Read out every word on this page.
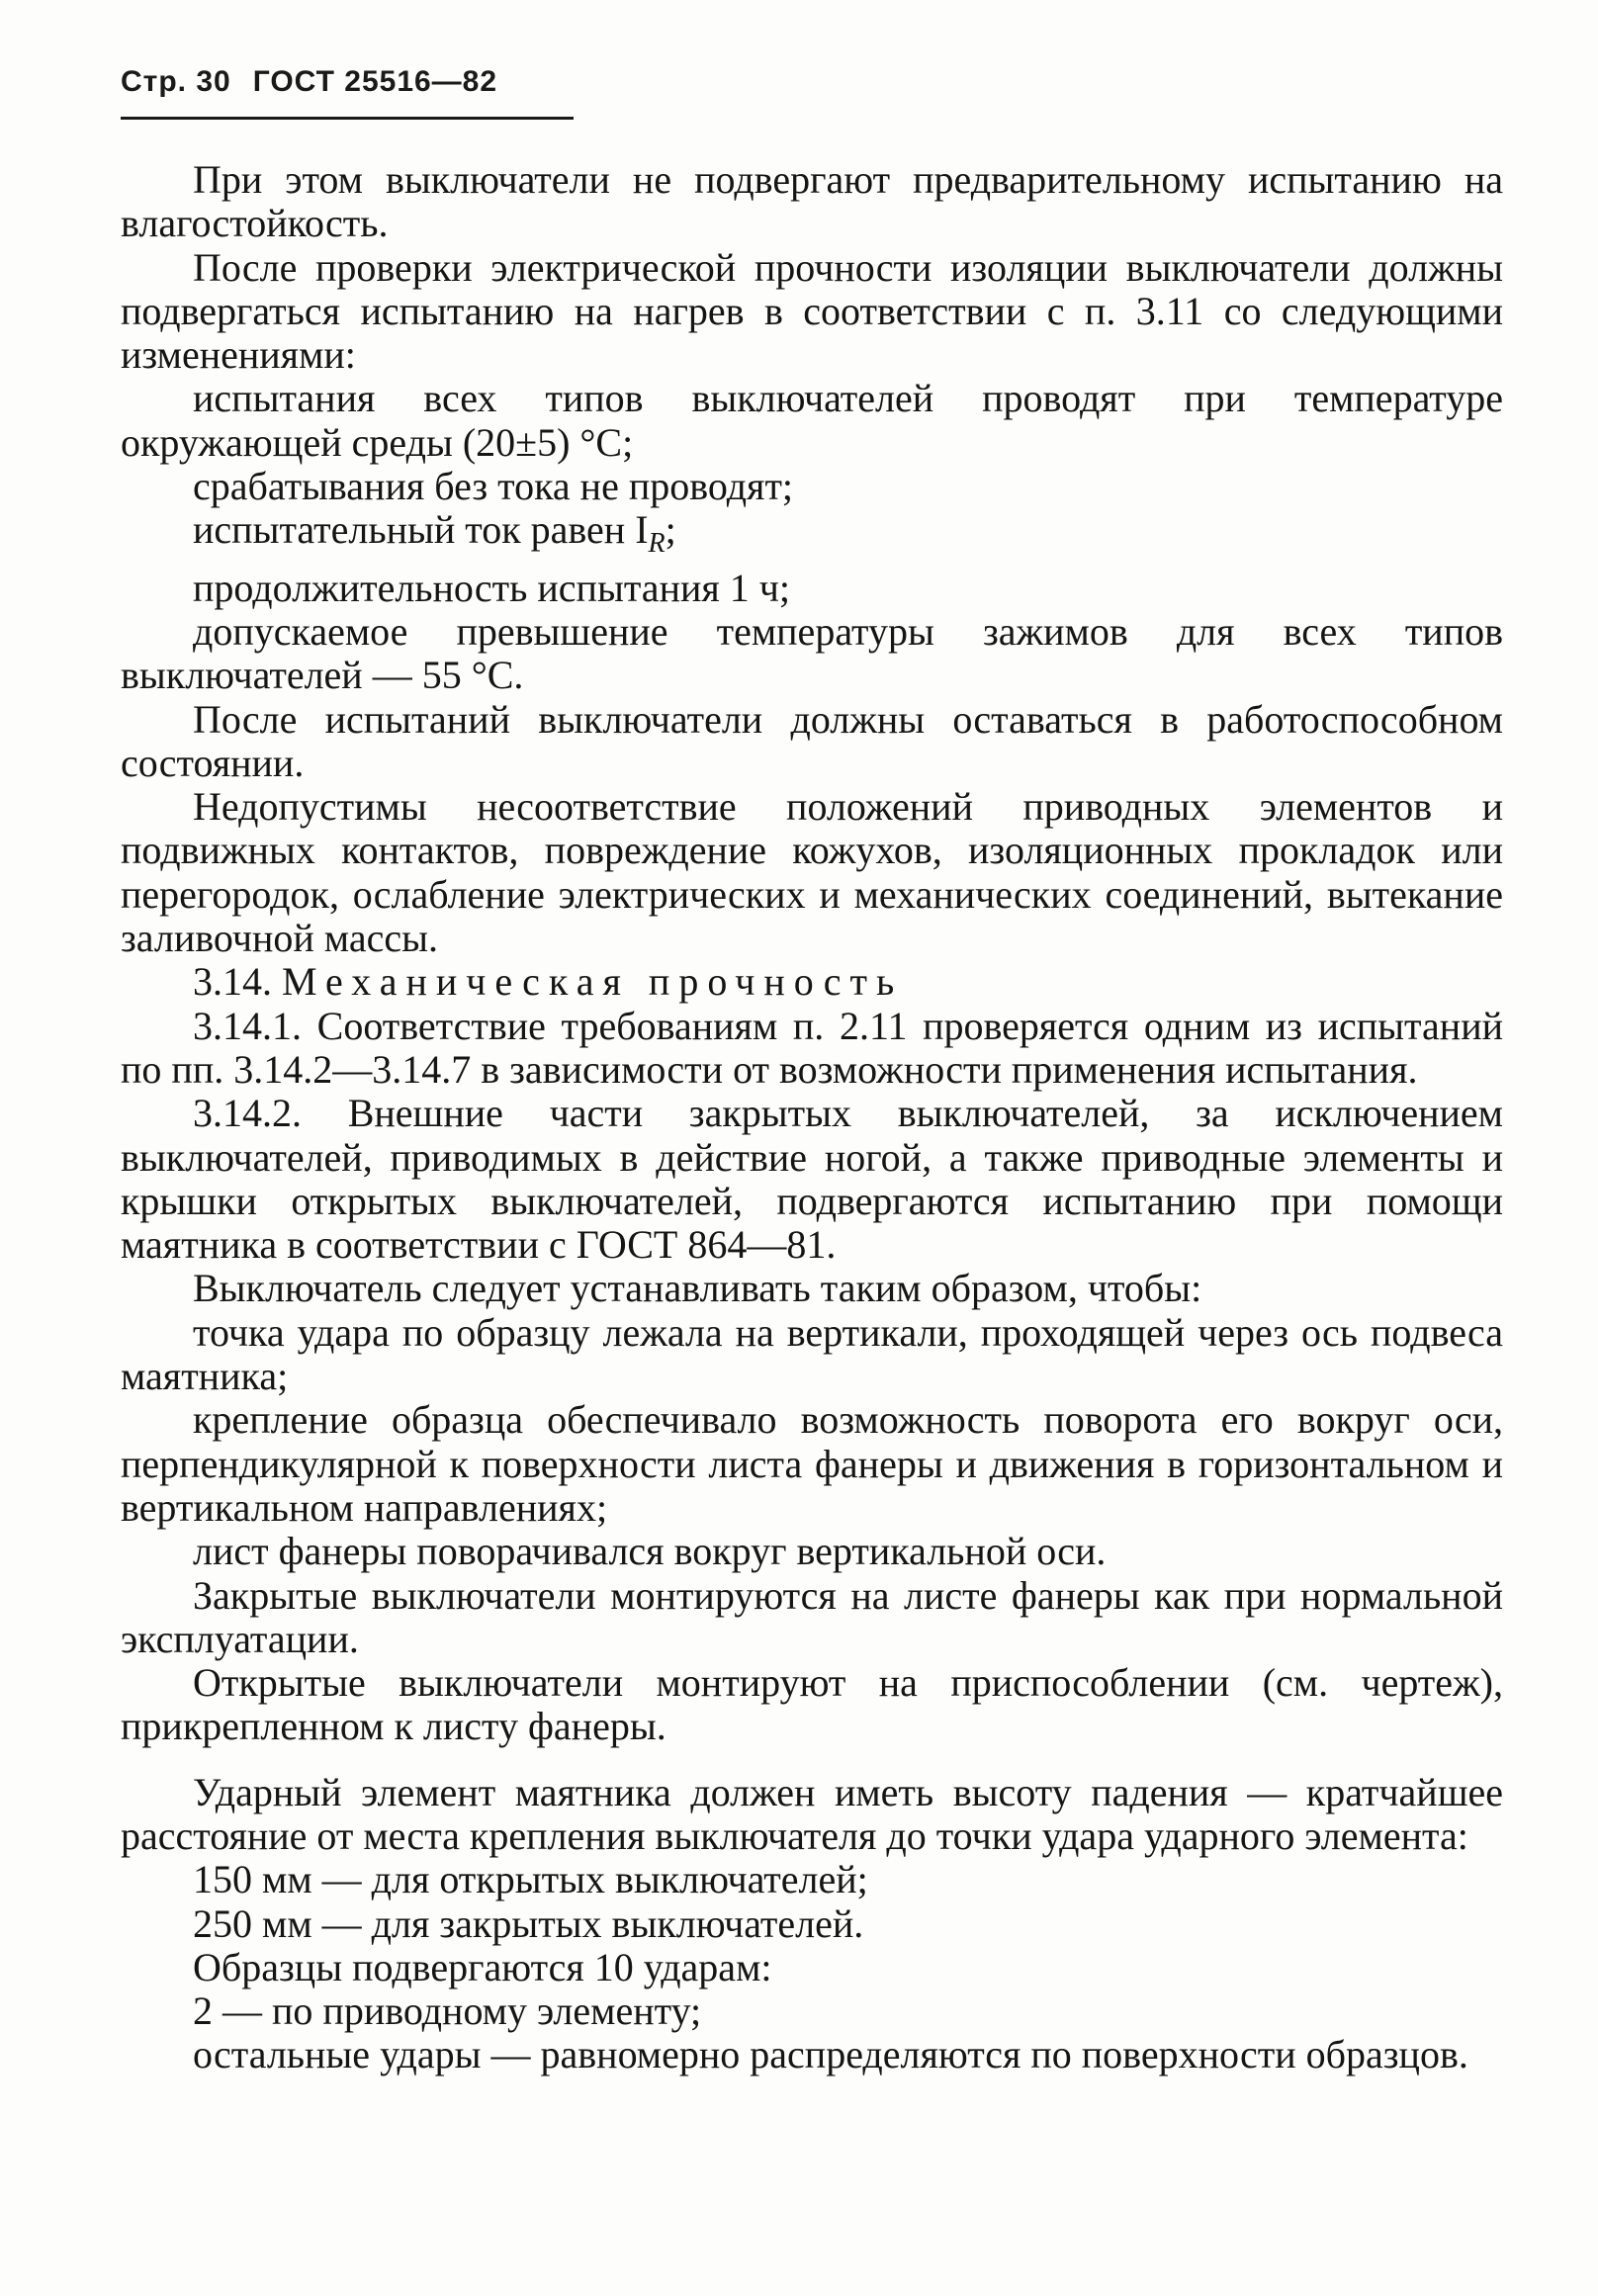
Стр. 30 ГОСТ 25516—82

При этом выключатели не подвергают предварительному испытанию на влагостойкость.

После проверки электрической прочности изоляции выключатели должны подвергаться испытанию на нагрев в соответствии с п. 3.11 со следующими изменениями:

испытания всех типов выключателей проводят при температуре окружающей среды (20±5) °С;

срабатывания без тока не проводят;

испытательный ток равен $I_R$;

продолжительность испытания 1 ч;

допускаемое превышение температуры зажимов для всех типов выключателей — 55 °С.

После испытаний выключатели должны оставаться в работоспособном состоянии.

Недопустимы несоответствие положений приводных элементов и подвижных контактов, повреждение кожухов, изоляционных прокладок или перегородок, ослабление электрических и механических соединений, вытекание заливочной массы.

3.14. Механическая прочность

3.14.1. Соответствие требованиям п. 2.11 проверяется одним из испытаний по пп. 3.14.2—3.14.7 в зависимости от возможности применения испытания.

3.14.2. Внешние части закрытых выключателей, за исключением выключателей, приводимых в действие ногой, а также приводные элементы и крышки открытых выключателей, подвергаются испытанию при помощи маятника в соответствии с ГОСТ 864—81.

Выключатель следует устанавливать таким образом, чтобы:

точка удара по образцу лежала на вертикали, проходящей через ось подвеса маятника;

крепление образца обеспечивало возможность поворота его вокруг оси, перпендикулярной к поверхности листа фанеры и движения в горизонтальном и вертикальном направлениях;

лист фанеры поворачивался вокруг вертикальной оси.

Закрытые выключатели монтируются на листе фанеры как при нормальной эксплуатации.

Открытые выключатели монтируют на приспособлении (см. чертеж), прикрепленном к листу фанеры.

Ударный элемент маятника должен иметь высоту падения — кратчайшее расстояние от места крепления выключателя до точки удара ударного элемента:

150 мм — для открытых выключателей;

250 мм — для закрытых выключателей.

Образцы подвергаются 10 ударам:

2 — по приводному элементу;

остальные удары — равномерно распределяются по поверхности образцов.
